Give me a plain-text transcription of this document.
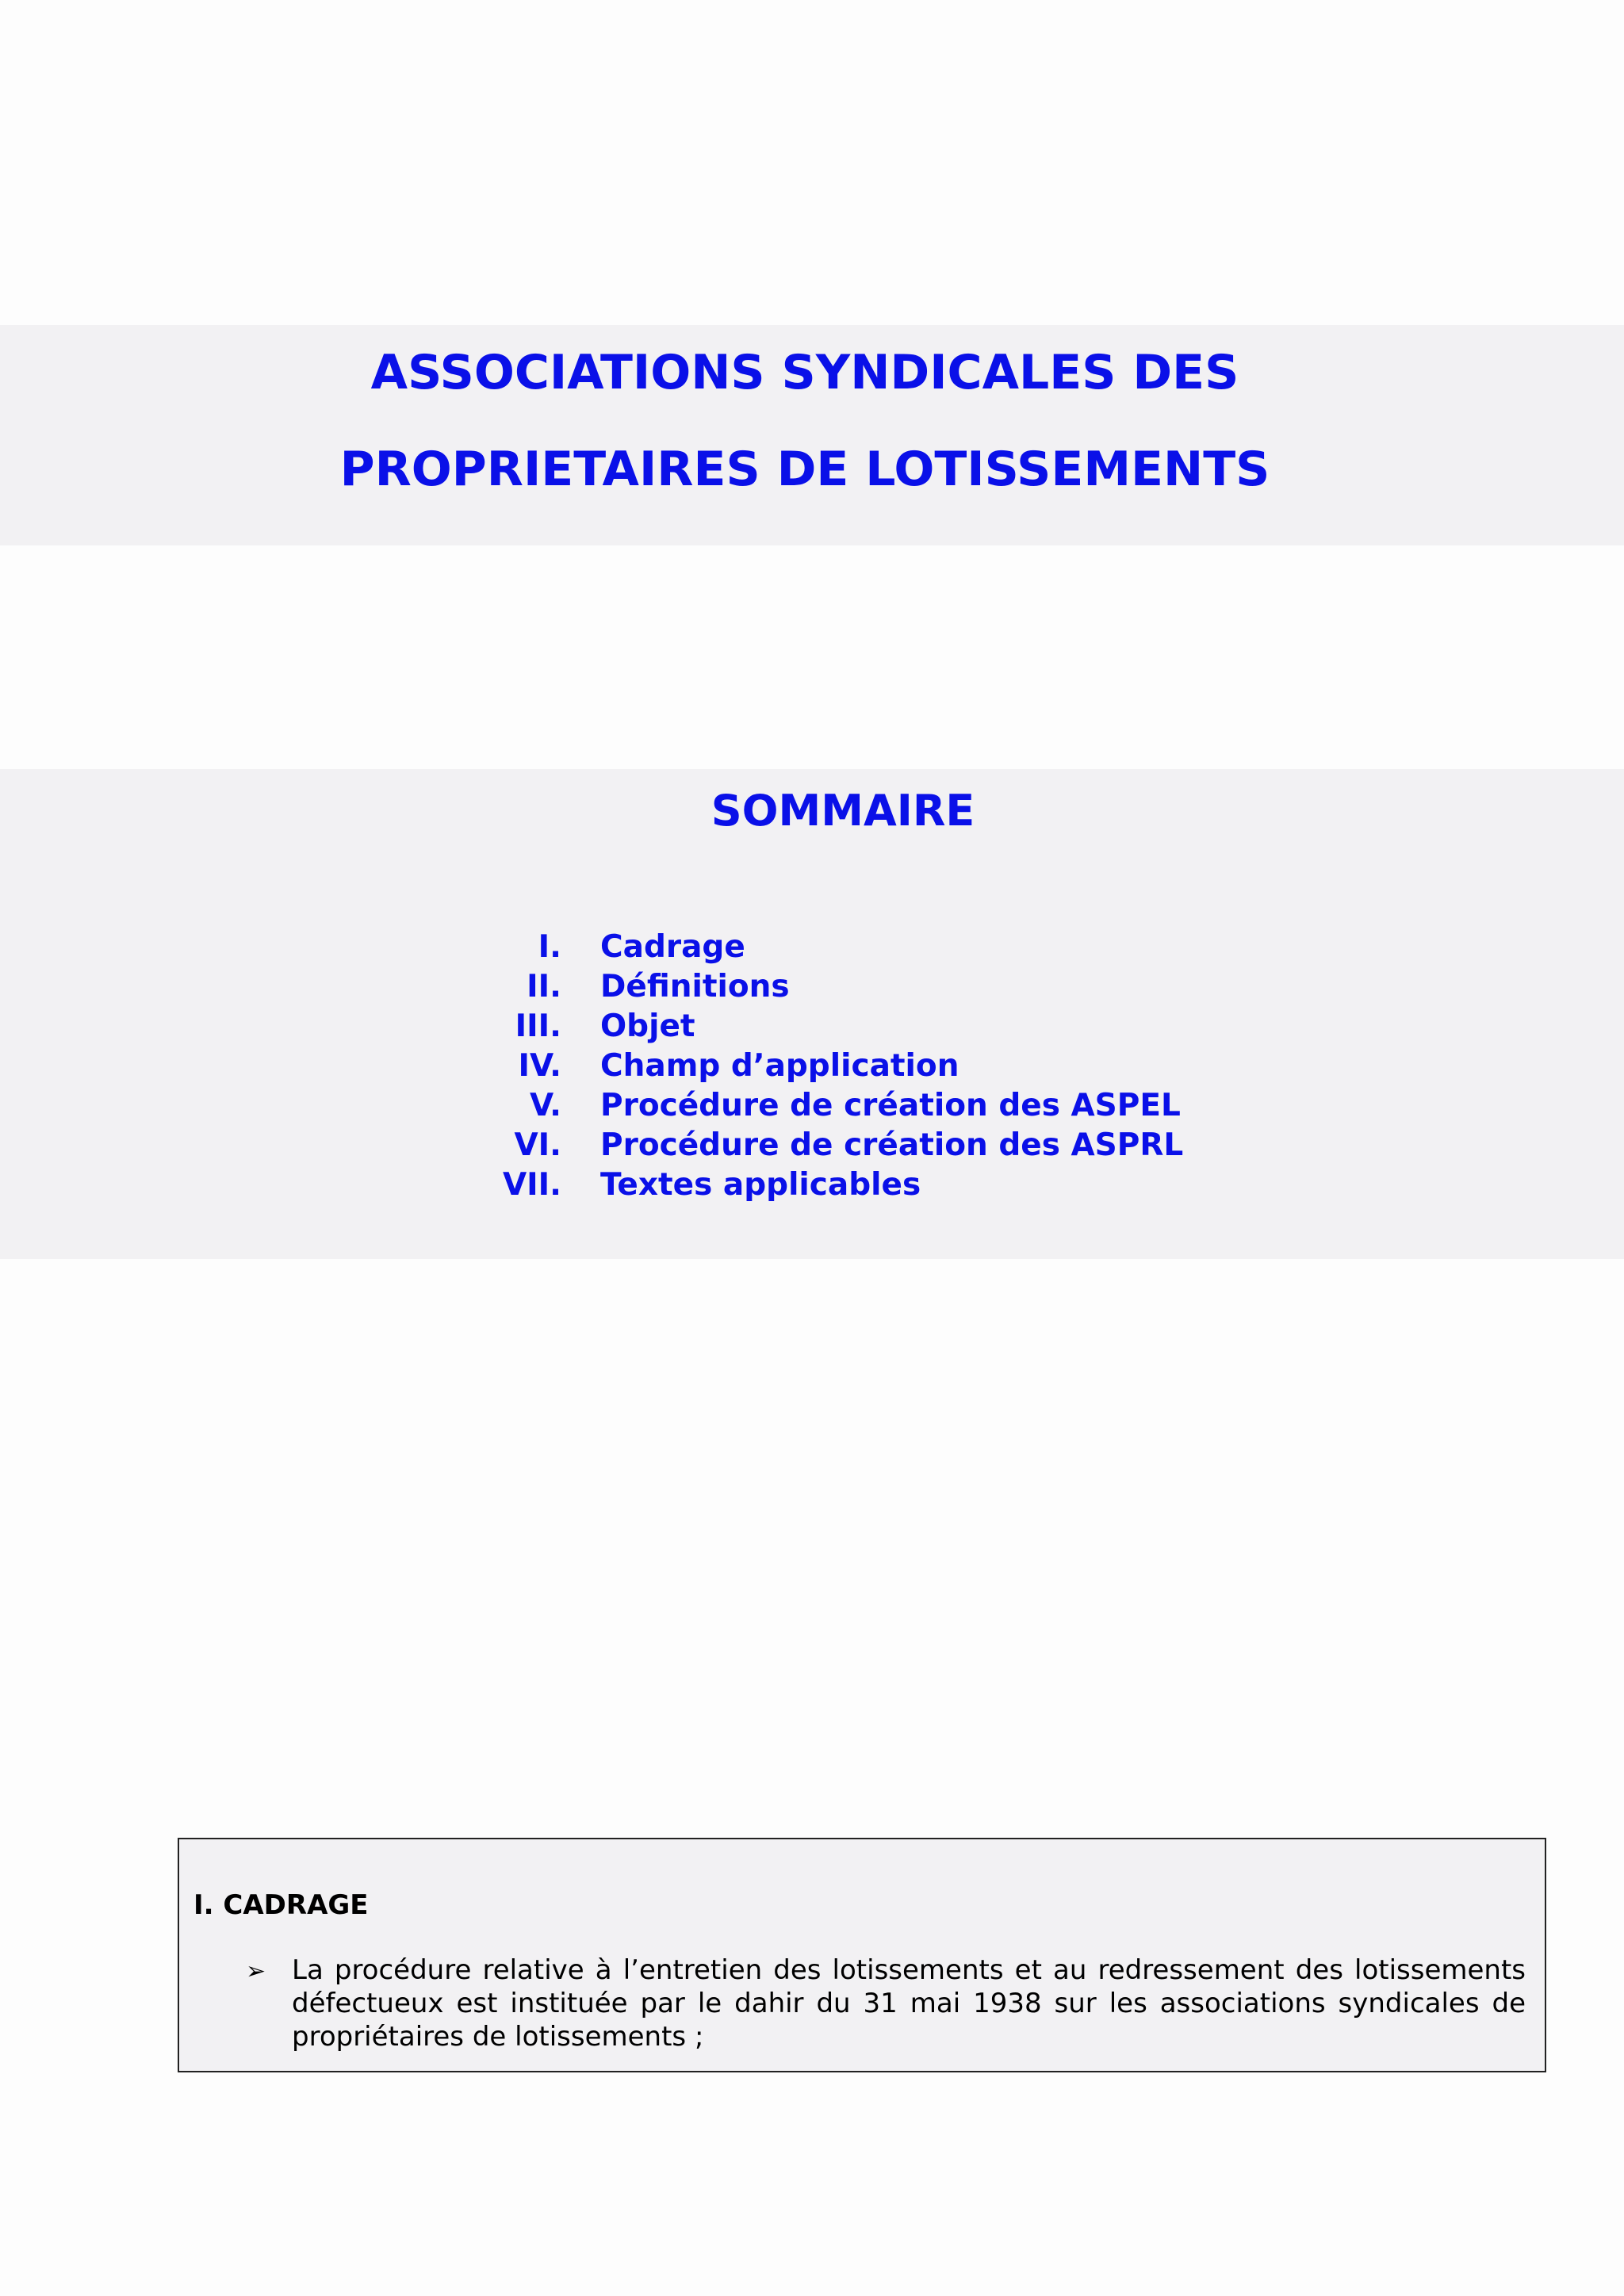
ASSOCIATIONS SYNDICALES DES
PROPRIETAIRES DE LOTISSEMENTS
SOMMAIRE
I. Cadrage
II. Définitions
III. Objet
IV. Champ d’application
V. Procédure de création des ASPEL
VI. Procédure de création des ASPRL
VII. Textes applicables
I. CADRAGE
➢ La procédure relative à l’entretien des lotissements et au redressement des lotissements défectueux est instituée par le dahir du 31 mai 1938 sur les associations syndicales de propriétaires de lotissements ;
